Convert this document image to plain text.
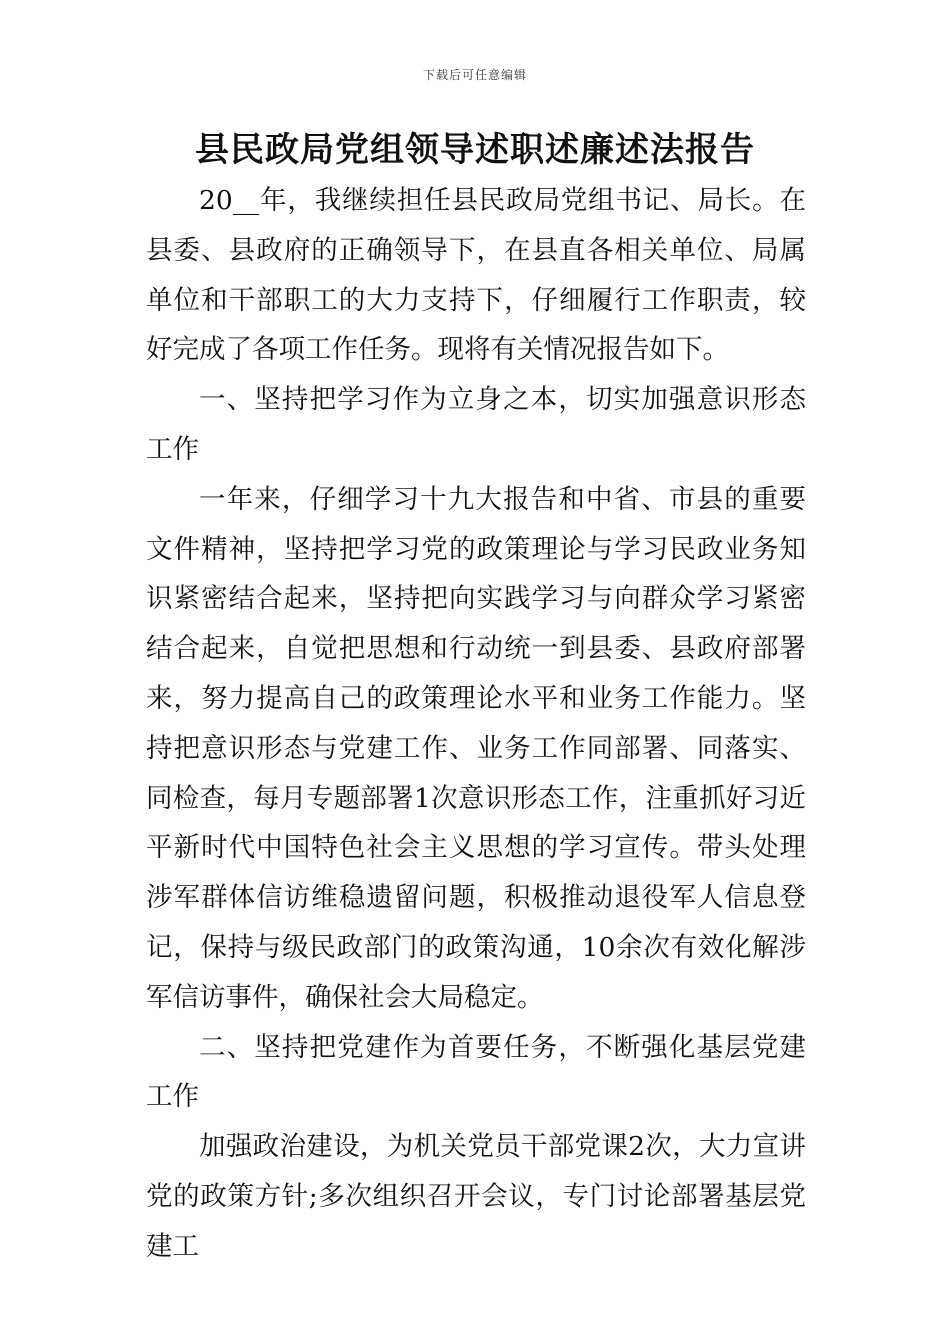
下载后可任意编辑
县民政局党组领导述职述廉述法报告

20__年，我继续担任县民政局党组书记、局长。在县委、县政府的正确领导下，在县直各相关单位、局属单位和干部职工的大力支持下，仔细履行工作职责，较好完成了各项工作任务。现将有关情况报告如下。

一、坚持把学习作为立身之本，切实加强意识形态工作

一年来，仔细学习十九大报告和中省、市县的重要文件精神，坚持把学习党的政策理论与学习民政业务知识紧密结合起来，坚持把向实践学习与向群众学习紧密结合起来，自觉把思想和行动统一到县委、县政府部署来，努力提高自己的政策理论水平和业务工作能力。坚持把意识形态与党建工作、业务工作同部署、同落实、同检查，每月专题部署1次意识形态工作，注重抓好习近平新时代中国特色社会主义思想的学习宣传。带头处理涉军群体信访维稳遗留问题，积极推动退役军人信息登记，保持与级民政部门的政策沟通，10余次有效化解涉军信访事件，确保社会大局稳定。

二、坚持把党建作为首要任务，不断强化基层党建工作

加强政治建设，为机关党员干部党课2次，大力宣讲党的政策方针;多次组织召开会议，专门讨论部署基层党建工
